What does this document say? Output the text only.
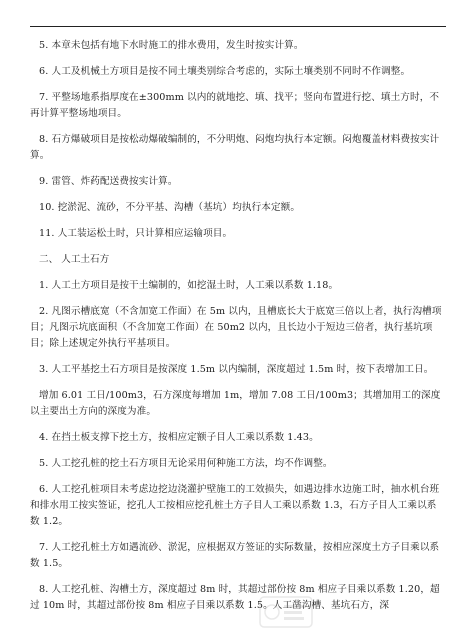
5. 本章未包括有地下水时施工的排水费用，发生时按实计算。

6. 人工及机械土方项目是按不同土壤类别综合考虑的，实际土壤类别不同时不作调整。

7. 平整场地系指厚度在±300mm 以内的就地挖、填、找平；竖向布置进行挖、填土方时，不再计算平整场地项目。

8. 石方爆破项目是按松动爆破编制的，不分明炮、闷炮均执行本定额。闷炮覆盖材料费按实计算。

9. 雷管、炸药配送费按实计算。

10. 挖淤泥、流砂，不分平基、沟槽（基坑）均执行本定额。

11. 人工装运松土时，只计算相应运输项目。

二、 人工土石方

1. 人工土方项目是按干土编制的，如挖湿土时，人工乘以系数 1.18。

2. 凡图示槽底宽（不含加宽工作面）在 5m 以内，且槽底长大于底宽三倍以上者，执行沟槽项目；凡图示坑底面积（不含加宽工作面）在 50m2 以内，且长边小于短边三倍者，执行基坑项目；除上述规定外执行平基项目。

3. 人工平基挖土石方项目是按深度 1.5m 以内编制，深度超过 1.5m 时，按下表增加工日。

增加 6.01 工日/100m3，石方深度每增加 1m，增加 7.08 工日/100m3；其增加用工的深度以主要出土方向的深度为准。

4. 在挡土板支撑下挖土方，按相应定额子目人工乘以系数 1.43。

5. 人工挖孔桩的挖土石方项目无论采用何种施工方法，均不作调整。

6. 人工挖孔桩项目未考虑边挖边浇灌护壁施工的工效损失，如遇边排水边施工时，抽水机台班和排水用工按实签证，挖孔人工按相应挖孔桩土方子目人工乘以系数 1.3，石方子目人工乘以系数 1.2。

7. 人工挖孔桩土方如遇流砂、淤泥，应根据双方签证的实际数量，按相应深度土方子目乘以系数 1.5。

8. 人工挖孔桩、沟槽土方，深度超过 8m 时，其超过部份按 8m 相应子目乘以系数 1.20，超过 10m 时，其超过部份按 8m 相应子目乘以系数 1.5。人工凿沟槽、基坑石方，深
